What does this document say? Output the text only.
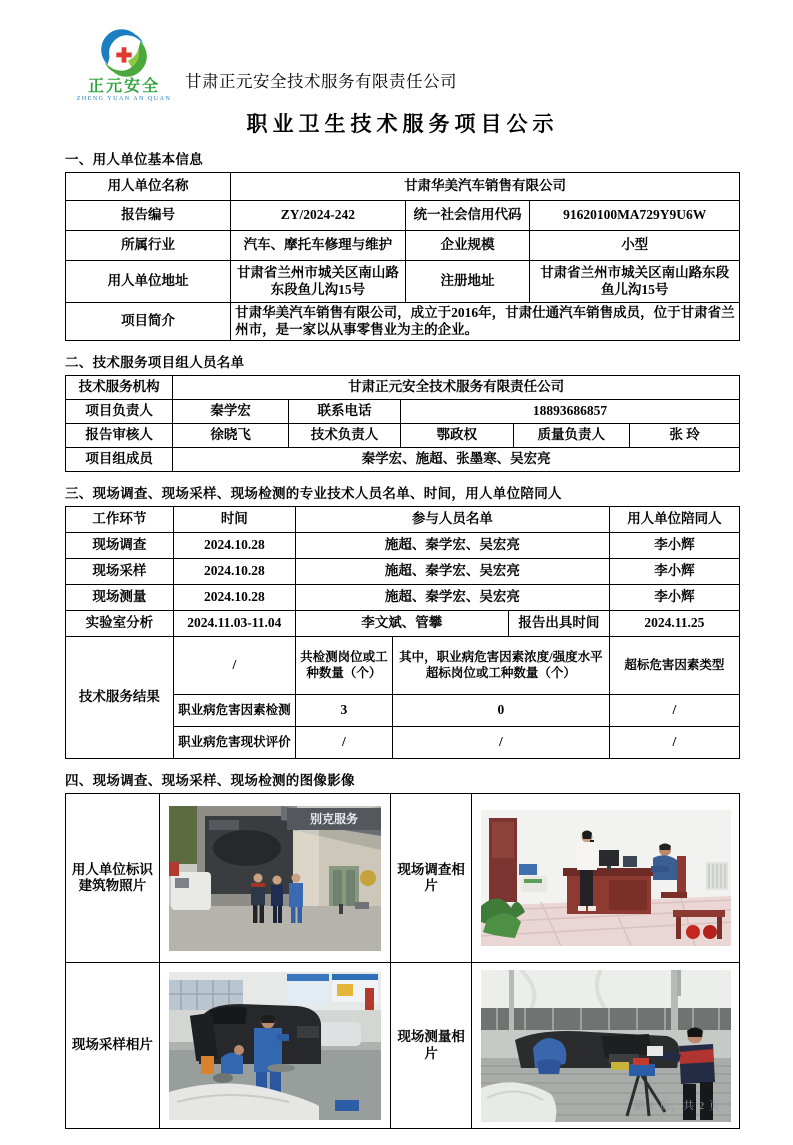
正元安全
ZHENG YUAN AN QUAN
甘肃正元安全技术服务有限责任公司
职业卫生技术服务项目公示
一、用人单位基本信息
用人单位名称	甘肃华美汽车销售有限公司		
报告编号	ZY/2024-242	统一社会信用代码	91620100MA729Y9U6W
所属行业	汽车、摩托车修理与维护	企业规模	小型
用人单位地址	甘肃省兰州市城关区南山路东段鱼儿沟15号	注册地址	甘肃省兰州市城关区南山路东段鱼儿沟15号
项目简介	甘肃华美汽车销售有限公司，成立于2016年，甘肃仕通汽车销售成员，位于甘肃省兰州市，是一家以从事零售业为主的企业。		
二、技术服务项目组人员名单
技术服务机构	甘肃正元安全技术服务有限责任公司				
项目负责人	秦学宏	联系电话	18893686857		
报告审核人	徐晓飞	技术负责人	鄂政权	质量负责人	张 玲
项目组成员	秦学宏、施超、张墨寒、吴宏亮				
三、现场调查、现场采样、现场检测的专业技术人员名单、时间，用人单位陪同人
工作环节	时间	参与人员名单			用人单位陪同人
现场调查	2024.10.28	施超、秦学宏、吴宏亮			李小辉
现场采样	2024.10.28	施超、秦学宏、吴宏亮			李小辉
现场测量	2024.10.28	施超、秦学宏、吴宏亮			李小辉
实验室分析	2024.11.03-11.04	李文斌、管攀		报告出具时间	2024.11.25
技术服务结果	/	共检测岗位或工种数量（个）	其中，职业病危害因素浓度/强度水平超标岗位或工种数量（个）		超标危害因素类型
	职业病危害因素检测	3	0		/
	职业病危害现状评价	/	/		/
四、现场调查、现场采样、现场检测的图像影像
用人单位标识建筑物照片	别克服务	现场调查相片	

现场采样相片		现场测量相片	
第 1 页，共 2 页
